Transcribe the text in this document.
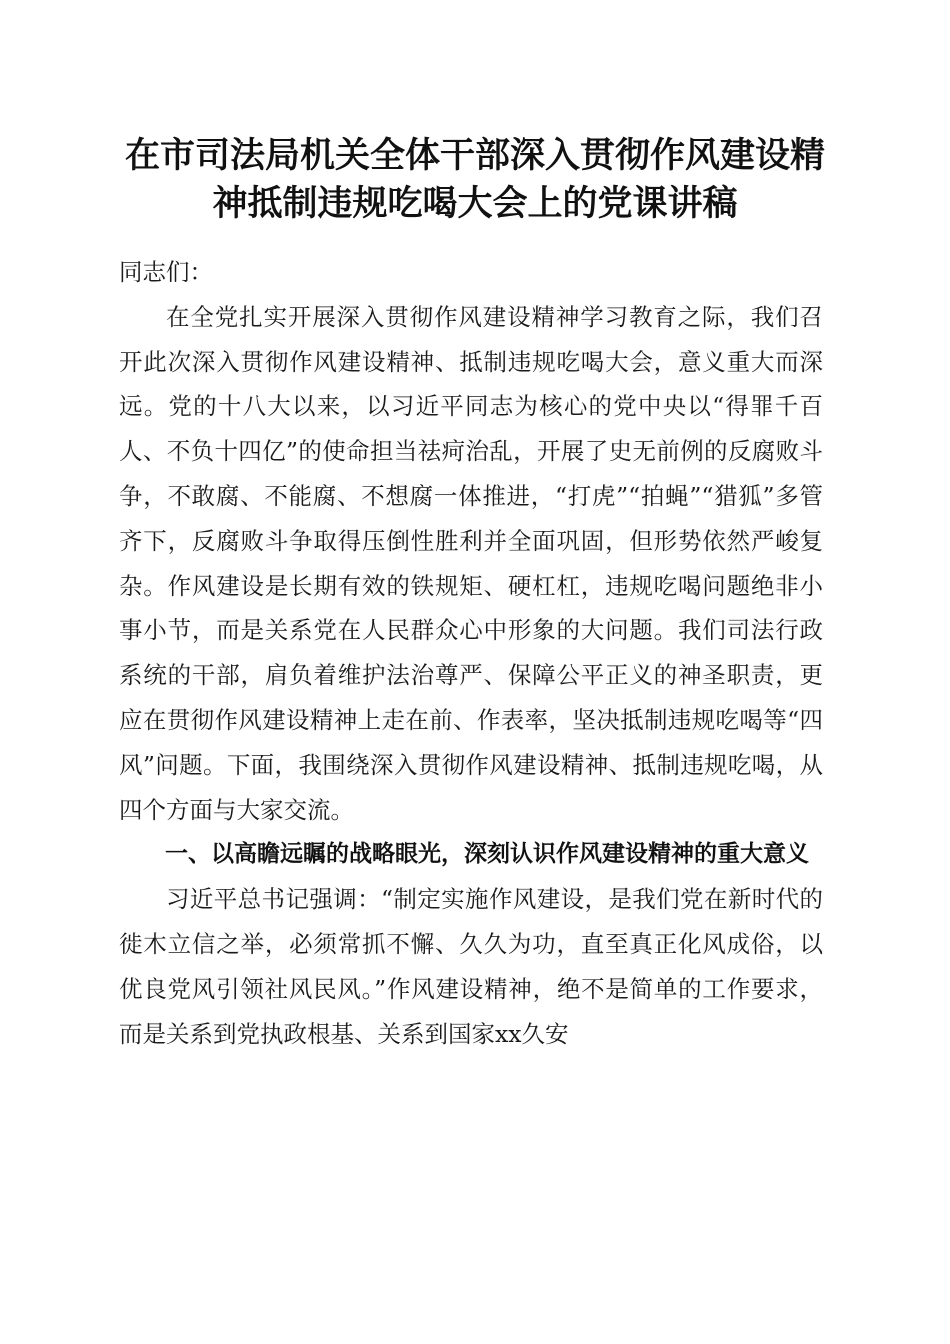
在市司法局机关全体干部深入贯彻作风建设精神抵制违规吃喝大会上的党课讲稿

同志们：

在全党扎实开展深入贯彻作风建设精神学习教育之际，我们召开此次深入贯彻作风建设精神、抵制违规吃喝大会，意义重大而深远。党的十八大以来，以习近平同志为核心的党中央以“得罪千百人、不负十四亿”的使命担当祛疴治乱，开展了史无前例的反腐败斗争，不敢腐、不能腐、不想腐一体推进，“打虎”“拍蝇”“猎狐”多管齐下，反腐败斗争取得压倒性胜利并全面巩固，但形势依然严峻复杂。作风建设是长期有效的铁规矩、硬杠杠，违规吃喝问题绝非小事小节，而是关系党在人民群众心中形象的大问题。我们司法行政系统的干部，肩负着维护法治尊严、保障公平正义的神圣职责，更应在贯彻作风建设精神上走在前、作表率，坚决抵制违规吃喝等“四风”问题。下面，我围绕深入贯彻作风建设精神、抵制违规吃喝，从四个方面与大家交流。

一、以高瞻远瞩的战略眼光，深刻认识作风建设精神的重大意义

习近平总书记强调：“制定实施作风建设，是我们党在新时代的徙木立信之举，必须常抓不懈、久久为功，直至真正化风成俗，以优良党风引领社风民风。”作风建设精神，绝不是简单的工作要求，而是关系到党执政根基、关系到国家xx久安
